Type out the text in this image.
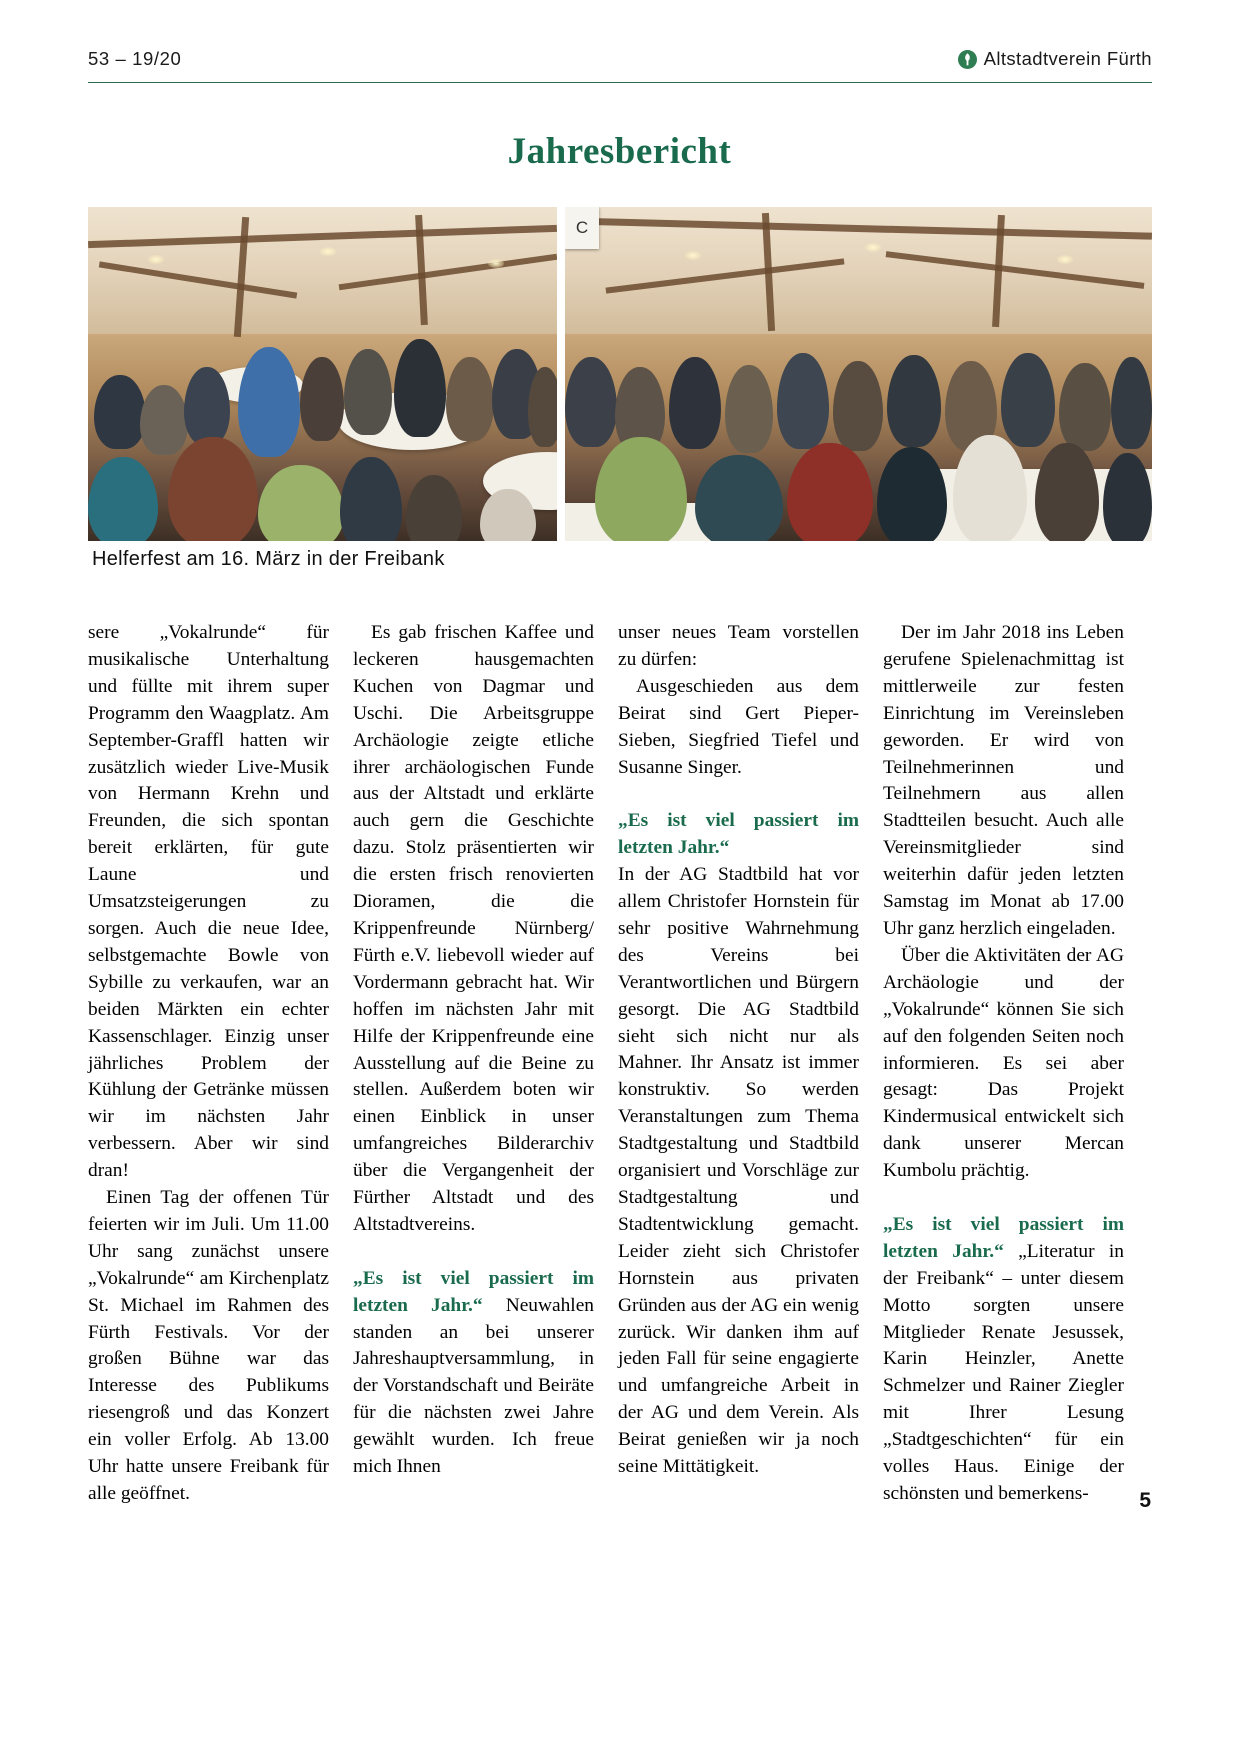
53 – 19/20	Altstadtverein Fürth
Jahresbericht
C
Helferfest am 16. März in der Freibank

sere „Vokalrunde“ für musikalische Unterhaltung und füllte mit ihrem super Programm den Waagplatz. Am September-Graffl hatten wir zusätzlich wieder Live-Musik von Hermann Krehn und Freunden, die sich spontan bereit erklärten, für gute Laune und Umsatzsteigerungen zu sorgen. Auch die neue Idee, selbstgemachte Bowle von Sybille zu verkaufen, war an beiden Märkten ein echter Kassenschlager. Einzig unser jährliches Problem der Kühlung der Getränke müssen wir im nächsten Jahr verbessern. Aber wir sind dran!

Einen Tag der offenen Tür feierten wir im Juli. Um 11.00 Uhr sang zunächst unsere „Vokalrunde“ am Kirchenplatz St. Michael im Rahmen des Fürth Festivals. Vor der großen Bühne war das Interesse des Publikums riesengroß und das Konzert ein voller Erfolg. Ab 13.00 Uhr hatte unsere Freibank für alle geöffnet.

Es gab frischen Kaffee und leckeren hausgemachten Kuchen von Dagmar und Uschi. Die Arbeitsgruppe Archäologie zeigte etliche ihrer archäologischen Funde aus der Altstadt und erklärte auch gern die Geschichte dazu. Stolz präsentierten wir die ersten frisch renovierten Dioramen, die die Krippenfreunde Nürnberg/ Fürth e.V. liebevoll wieder auf Vordermann gebracht hat. Wir hoffen im nächsten Jahr mit Hilfe der Krippenfreunde eine Ausstellung auf die Beine zu stellen. Außerdem boten wir einen Einblick in unser umfangreiches Bilderarchiv über die Vergangenheit der Fürther Altstadt und des Altstadtvereins.

„Es ist viel passiert im letzten Jahr.“ Neuwahlen standen an bei unserer Jahreshauptversammlung, in der Vorstandschaft und Beiräte für die nächsten zwei Jahre gewählt wurden. Ich freue mich Ihnen

unser neues Team vorstellen zu dürfen:

Ausgeschieden aus dem Beirat sind Gert Pieper-Sieben, Siegfried Tiefel und Susanne Singer.

„Es ist viel passiert im letzten Jahr.“

In der AG Stadtbild hat vor allem Christofer Hornstein für sehr positive Wahrnehmung des Vereins bei Verantwortlichen und Bürgern gesorgt. Die AG Stadtbild sieht sich nicht nur als Mahner. Ihr Ansatz ist immer konstruktiv. So werden Veranstaltungen zum Thema Stadtgestaltung und Stadtbild organisiert und Vorschläge zur Stadtgestaltung und Stadtentwicklung gemacht. Leider zieht sich Christofer Hornstein aus privaten Gründen aus der AG ein wenig zurück. Wir danken ihm auf jeden Fall für seine engagierte und umfangreiche Arbeit in der AG und dem Verein. Als Beirat genießen wir ja noch seine Mittätigkeit.

Der im Jahr 2018 ins Leben gerufene Spielenachmittag ist mittlerweile zur festen Einrichtung im Vereinsleben geworden. Er wird von Teilnehmerinnen und Teilnehmern aus allen Stadtteilen besucht. Auch alle Vereinsmitglieder sind weiterhin dafür jeden letzten Samstag im Monat ab 17.00 Uhr ganz herzlich eingeladen.

Über die Aktivitäten der AG Archäologie und der „Vokalrunde“ können Sie sich auf den folgenden Seiten noch informieren. Es sei aber gesagt: Das Projekt Kindermusical entwickelt sich dank unserer Mercan Kumbolu prächtig.

„Es ist viel passiert im letzten Jahr.“ „Literatur in der Freibank“ – unter diesem Motto sorgten unsere Mitglieder Renate Jesussek, Karin Heinzler, Anette Schmelzer und Rainer Ziegler mit Ihrer Lesung „Stadtgeschichten“ für ein volles Haus. Einige der schönsten und bemerkens-	5
